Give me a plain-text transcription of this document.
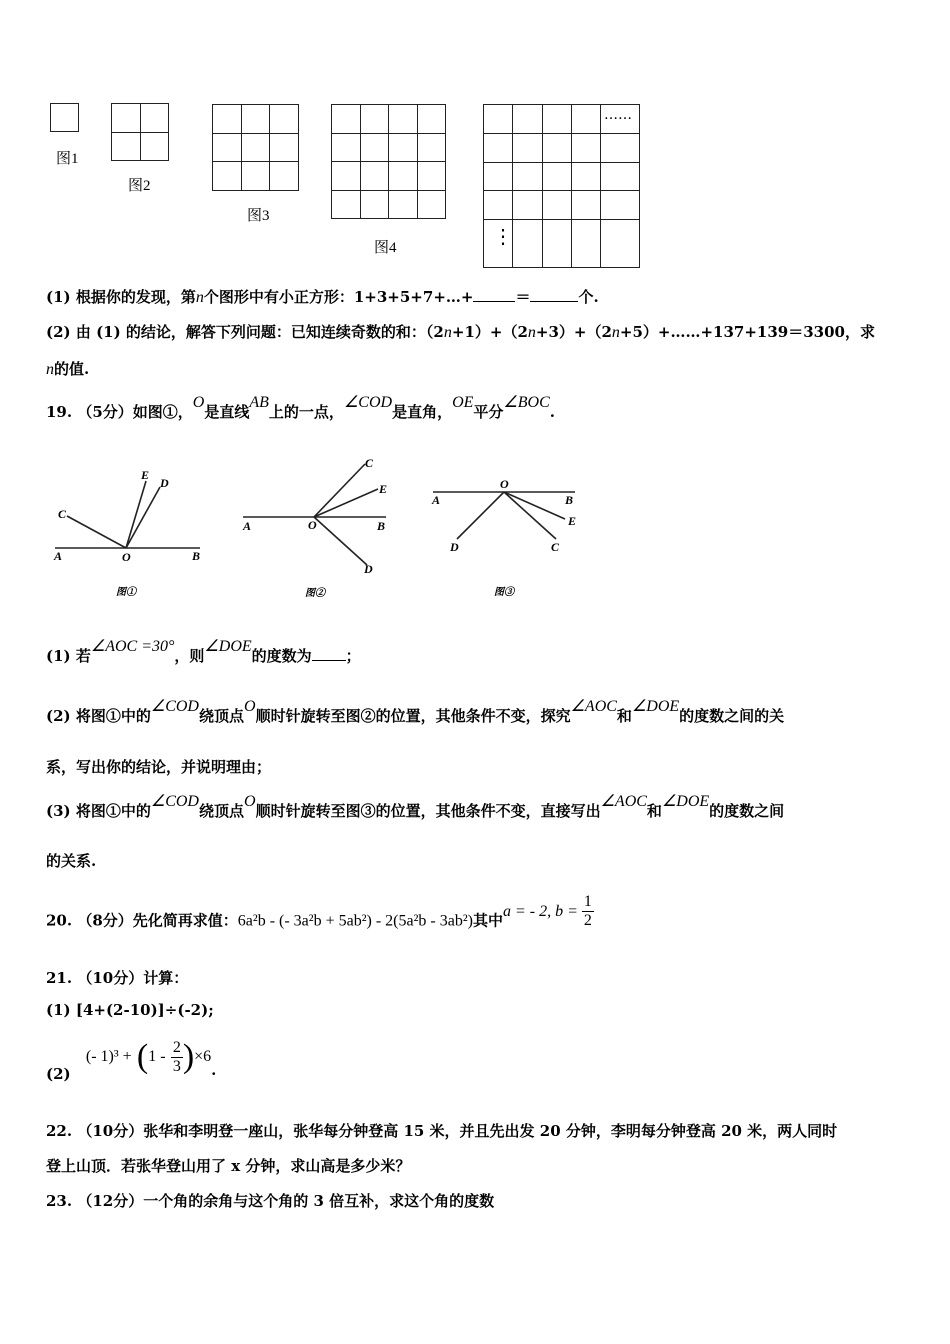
图1

图2

图3

图4

……
⋮
(1) 根据你的发现，第n个图形中有小正方形：1+3+5+7+…+	＝	个.
(2) 由 (1) 的结论，解答下列问题：已知连续奇数的和：（2n+1）+（2n+3）+（2n+5）+……+137+139＝3300，求
n的值.
19. （5分）如图①，O是直线AB上的一点，∠COD是直角，OE平分∠BOC.
A	B
O
C
E
D
图①
A	B
O
C
E
D
图②
A	B
O
D	C
E
图③
(1) 若∠AOC =30°，则∠DOE的度数为 ；
(2) 将图①中的∠COD绕顶点O顺时针旋转至图②的位置，其他条件不变，探究∠AOC和∠DOE的度数之间的关
系，写出你的结论，并说明理由；
(3) 将图①中的∠COD绕顶点O顺时针旋转至图③的位置，其他条件不变，直接写出∠AOC和∠DOE的度数之间
的关系.
20. （8分）先化简再求值：6a²b - (- 3a²b + 5ab²) - 2(5a²b - 3ab²)其中a = - 2, $b = \frac{1}{2}$
21. （10分）计算：
(1) [4+(2-10)]÷(-2);
(2) (- $1)^3 + (1 - \frac{2}{3} )\times 6$.
22. （10分）张华和李明登一座山，张华每分钟登高 15 米，并且先出发 20 分钟，李明每分钟登高 20 米，两人同时
登上山顶．若张华登山用了 x 分钟，求山高是多少米？
23. （12分）一个角的余角与这个角的 3 倍互补，求这个角的度数
